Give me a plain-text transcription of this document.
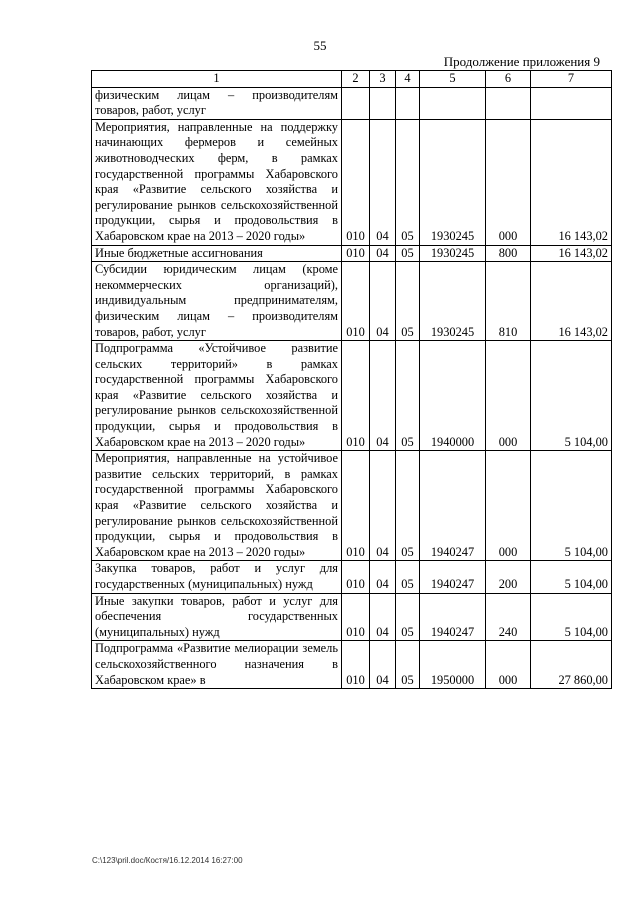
55
Продолжение приложения 9
1	2	3	4	5	6	7
физическим лицам – производителям товаров, работ, услуг						
Мероприятия, направленные на поддержку начинающих фермеров и семейных животноводческих ферм, в рамках государственной программы Хабаровского края «Развитие сельского хозяйства и регулирование рынков сельскохозяйственной продукции, сырья и продовольствия в Хабаровском крае на 2013 – 2020 годы»	010	04	05	1930245	000	16 143,02
Иные бюджетные ассигнования	010	04	05	1930245	800	16 143,02
Субсидии юридическим лицам (кроме некоммерческих организаций), индивидуальным предпринимателям, физическим лицам – производителям товаров, работ, услуг	010	04	05	1930245	810	16 143,02
Подпрограмма «Устойчивое развитие сельских территорий» в рамках государственной программы Хабаровского края «Развитие сельского хозяйства и регулирование рынков сельскохозяйственной продукции, сырья и продовольствия в Хабаровском крае на 2013 – 2020 годы»	010	04	05	1940000	000	5 104,00
Мероприятия, направленные на устойчивое развитие сельских территорий, в рамках государственной программы Хабаровского края «Развитие сельского хозяйства и регулирование рынков сельскохозяйственной продукции, сырья и продовольствия в Хабаровском крае на 2013 – 2020 годы»	010	04	05	1940247	000	5 104,00
Закупка товаров, работ и услуг для государственных (муниципальных) нужд	010	04	05	1940247	200	5 104,00
Иные закупки товаров, работ и услуг для обеспечения государственных (муниципальных) нужд	010	04	05	1940247	240	5 104,00
Подпрограмма «Развитие мелиорации земель сельскохозяйственного назначения в Хабаровском крае» в	010	04	05	1950000	000	27 860,00
C:\123\pril.doc/Костя/16.12.2014 16:27:00
